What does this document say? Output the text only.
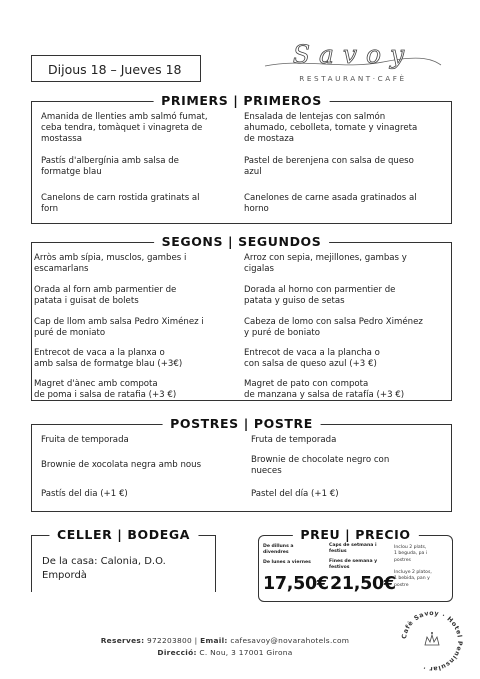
Dijous 18 – Jueves 18
Savoy
RESTAURANT·CAFÈ
PRIMERS | PRIMEROS
Amanida de llenties amb salmó fumat,
ceba tendra, tomàquet i vinagreta de
mostassa
Pastís d'albergínia amb salsa de
formatge blau
Canelons de carn rostida gratinats al
forn
Ensalada de lentejas con salmón
ahumado, cebolleta, tomate y vinagreta
de mostaza
Pastel de berenjena con salsa de queso
azul
Canelones de carne asada gratinados al
horno
SEGONS | SEGUNDOS
Arròs amb sípia, musclos, gambes i
escamarlans
Orada al forn amb parmentier de
patata i guisat de bolets
Cap de llom amb salsa Pedro Ximénez i
puré de moniato
Entrecot de vaca a la planxa o
amb salsa de formatge blau (+3€)
Magret d'ànec amb compota
de poma i salsa de ratafia (+3 €)
Arroz con sepia, mejillones, gambas y
cigalas
Dorada al horno con parmentier de
patata y guiso de setas
Cabeza de lomo con salsa Pedro Ximénez
y puré de boniato
Entrecot de vaca a la plancha o
con salsa de queso azul (+3 €)
Magret de pato con compota
de manzana y salsa de ratafía (+3 €)
POSTRES | POSTRE
Fruita de temporada
Brownie de xocolata negra amb nous
Pastís del dia (+1 €)
Fruta de temporada
Brownie de chocolate negro con
nueces
Pastel del día (+1 €)
CELLER | BODEGA
De la casa: Calonia, D.O.
Empordà
PREU | PRECIO
De dilluns a
divendres
De lunes a viernes
Caps de setmana i
festius
Fines de semana y
festivos
17,50€ 21,50€
Inclou 2 plats,
1 beguda, pa i
postres
Incluye 2 platos,
1 bebida, pan y
postre
Reserves: 972203800 | Email: cafesavoy@novarahotels.com
Direcció: C. Nou, 3 17001 Girona
Cafè Savoy · Hotel Peninsular ·
